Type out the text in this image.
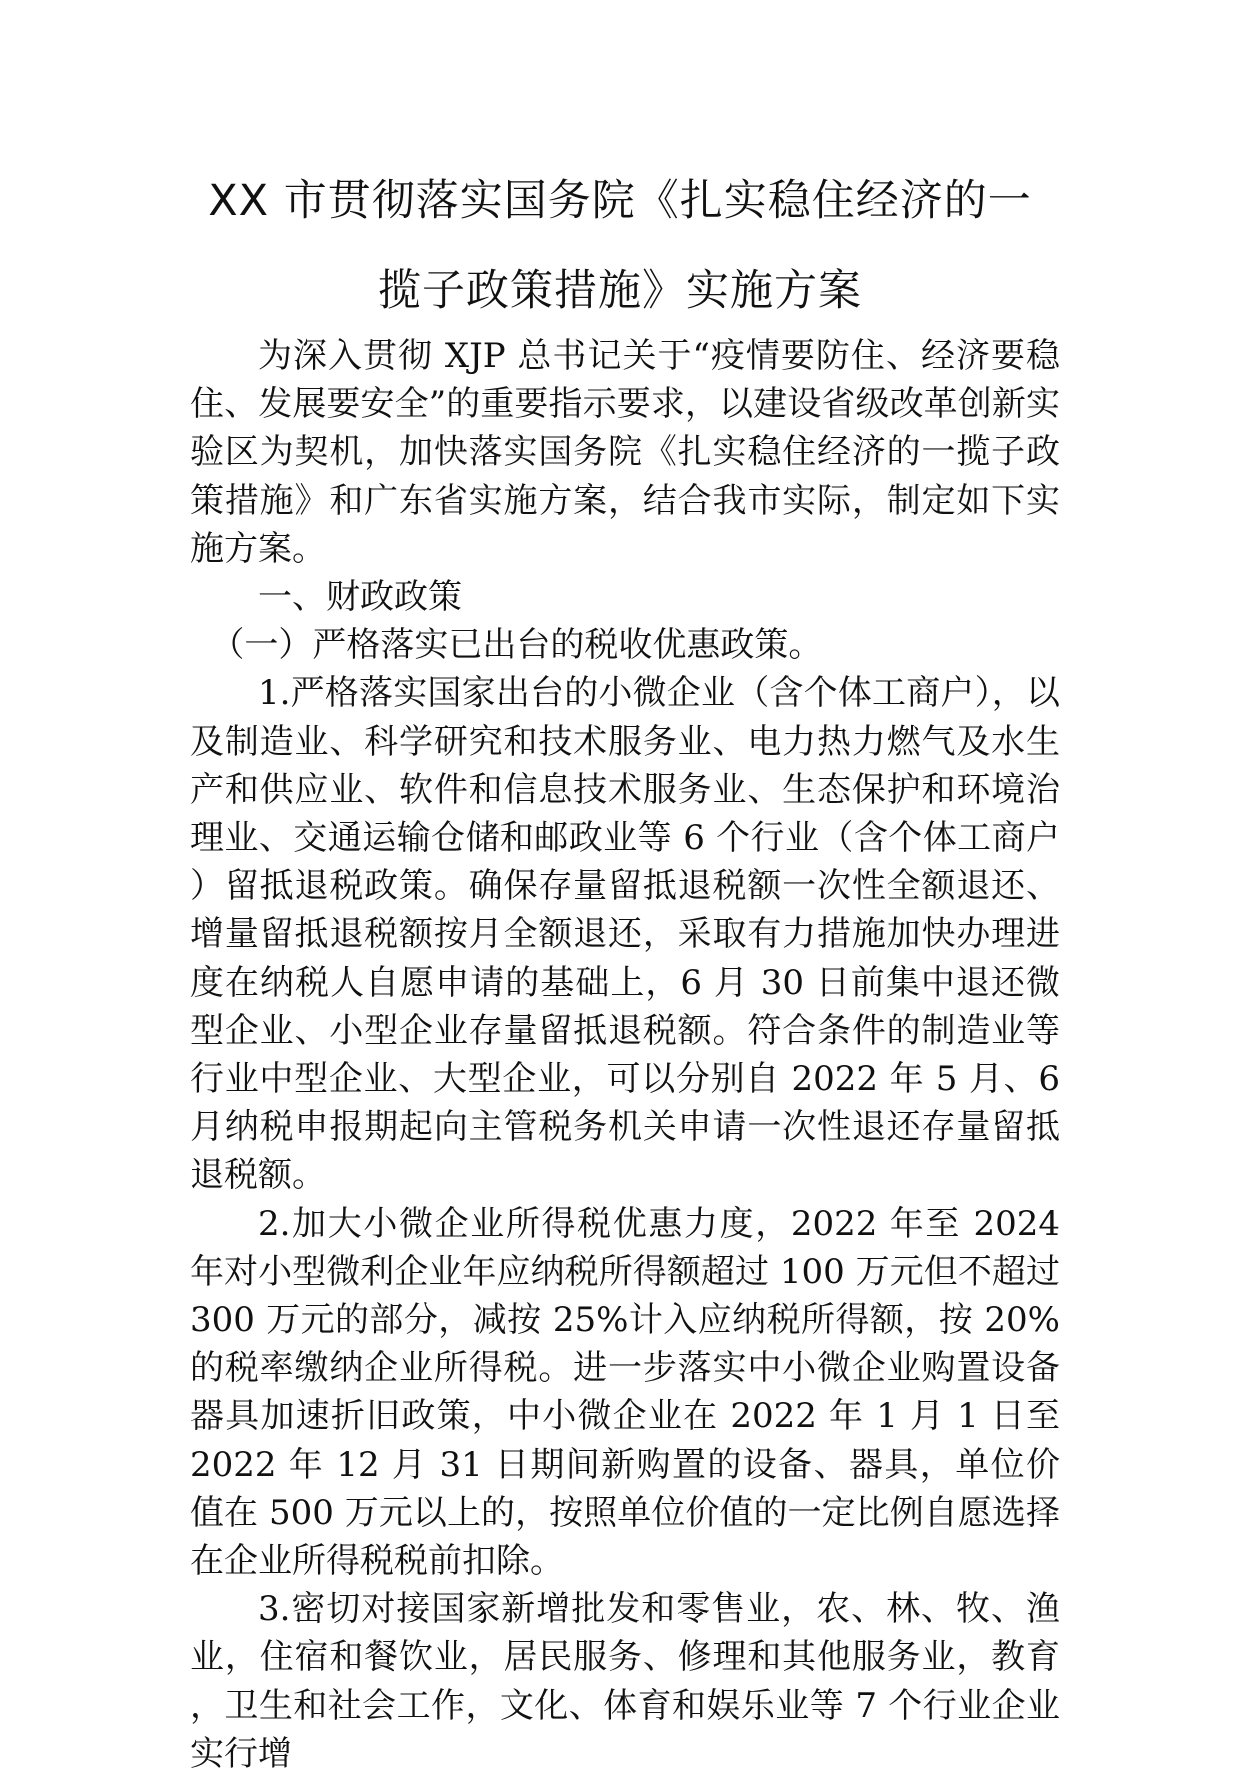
XX 市贯彻落实国务院《扎实稳住经济的一
揽子政策措施》实施方案

为深入贯彻 XJP 总书记关于“疫情要防住、经济要稳住、发展要安全”的重要指示要求，以建设省级改革创新实验区为契机，加快落实国务院《扎实稳住经济的一揽子政策措施》和广东省实施方案，结合我市实际，制定如下实施方案。

一、财政政策

（一）严格落实已出台的税收优惠政策。

1.严格落实国家出台的小微企业（含个体工商户），以及制造业、科学研究和技术服务业、电力热力燃气及水生产和供应业、软件和信息技术服务业、生态保护和环境治理业、交通运输仓储和邮政业等 6 个行业（含个体工商户）留抵退税政策。确保存量留抵退税额一次性全额退还、增量留抵退税额按月全额退还，采取有力措施加快办理进度在纳税人自愿申请的基础上，6 月 30 日前集中退还微型企业、小型企业存量留抵退税额。符合条件的制造业等行业中型企业、大型企业，可以分别自 2022 年 5 月、6 月纳税申报期起向主管税务机关申请一次性退还存量留抵退税额。

2.加大小微企业所得税优惠力度，2022 年至 2024 年对小型微利企业年应纳税所得额超过 100 万元但不超过 300 万元的部分，减按 25%计入应纳税所得额，按 20%的税率缴纳企业所得税。进一步落实中小微企业购置设备器具加速折旧政策，中小微企业在 2022 年 1 月 1 日至 2022 年 12 月 31 日期间新购置的设备、器具，单位价值在 500 万元以上的，按照单位价值的一定比例自愿选择在企业所得税税前扣除。

3.密切对接国家新增批发和零售业，农、林、牧、渔业，住宿和餐饮业，居民服务、修理和其他服务业，教育，卫生和社会工作，文化、体育和娱乐业等 7 个行业企业实行增
